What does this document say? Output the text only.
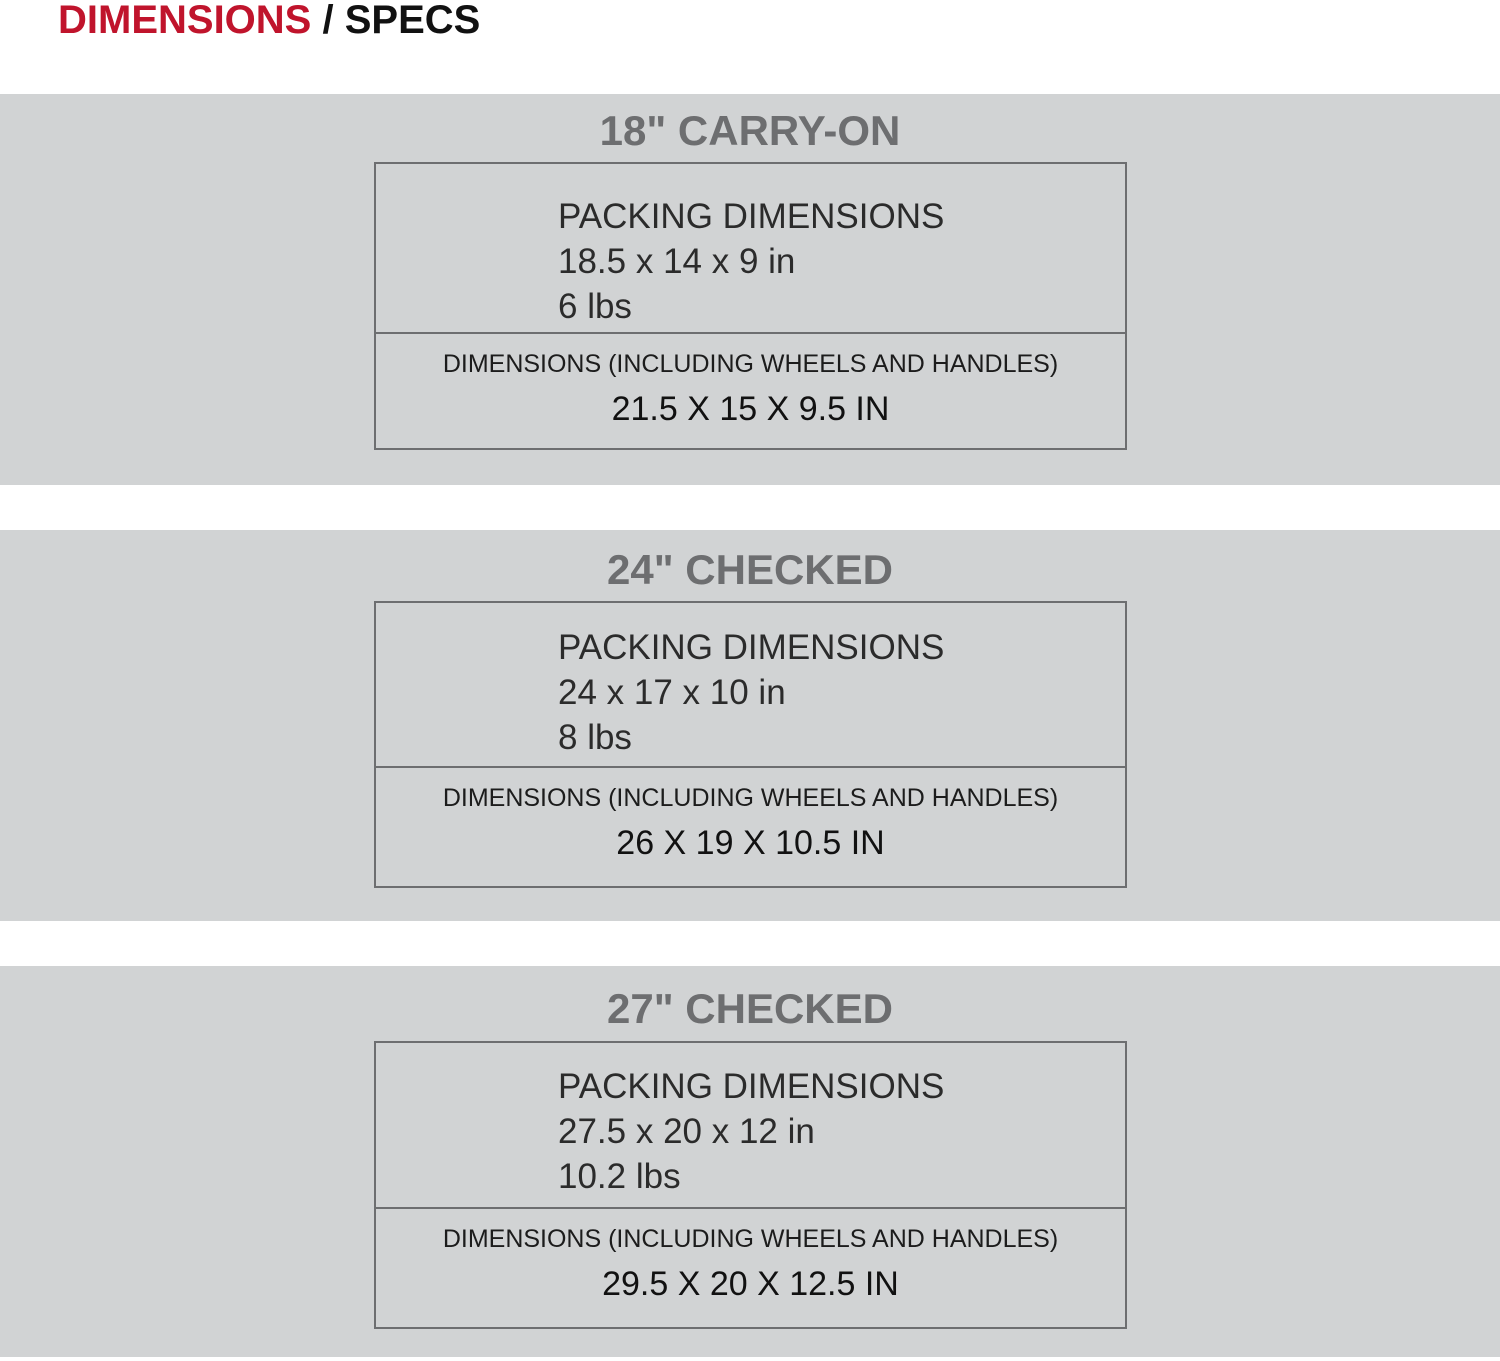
DIMENSIONS / SPECS
18" CARRY-ON
PACKING DIMENSIONS
18.5 x 14 x 9 in
6 lbs
DIMENSIONS (INCLUDING WHEELS AND HANDLES)
21.5 X 15 X 9.5 IN
24" CHECKED
PACKING DIMENSIONS
24 x 17 x 10 in
8 lbs
DIMENSIONS (INCLUDING WHEELS AND HANDLES)
26 X 19 X 10.5 IN
27" CHECKED
PACKING DIMENSIONS
27.5 x 20 x 12 in
10.2 lbs
DIMENSIONS (INCLUDING WHEELS AND HANDLES)
29.5 X 20 X 12.5 IN
